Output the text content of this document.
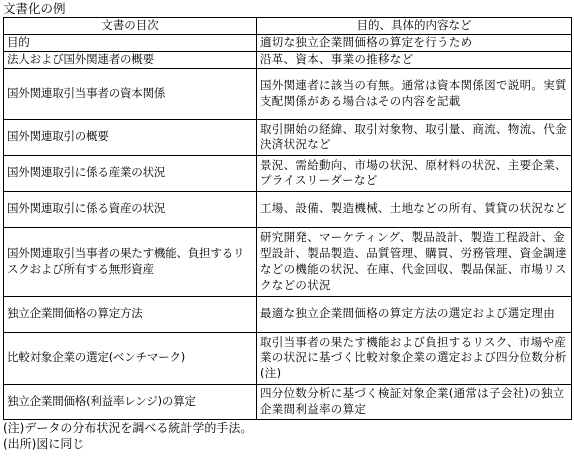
文書化の例
文書の目次	目的、具体的内容など
目的	適切な独立企業間価格の算定を行うため
法人および国外関連者の概要	沿革、資本、事業の推移など
国外関連取引当事者の資本関係	国外関連者に該当の有無。通常は資本関係図で説明。実質支配関係がある場合はその内容を記載
国外関連取引の概要	取引開始の経緯、取引対象物、取引量、商流、物流、代金決済状況など
国外関連取引に係る産業の状況	景況、需給動向、市場の状況、原材料の状況、主要企業、プライスリーダーなど
国外関連取引に係る資産の状況	工場、設備、製造機械、土地などの所有、賃貸の状況など
国外関連取引当事者の果たす機能、負担するリスクおよび所有する無形資産	研究開発、マーケティング、製品設計、製造工程設計、金型設計、製品製造、品質管理、購買、労務管理、資金調達などの機能の状況、在庫、代金回収、製品保証、市場リスクなどの状況
独立企業間価格の算定方法	最適な独立企業間価格の算定方法の選定および選定理由
比較対象企業の選定(ベンチマーク)	取引当事者の果たす機能および負担するリスク、市場や産業の状況に基づく比較対象企業の選定および四分位数分析(注)
独立企業間価格(利益率レンジ)の算定	四分位数分析に基づく検証対象企業(通常は子会社)の独立企業間利益率の算定
(注)データの分布状況を調べる統計学的手法。
(出所)図に同じ
